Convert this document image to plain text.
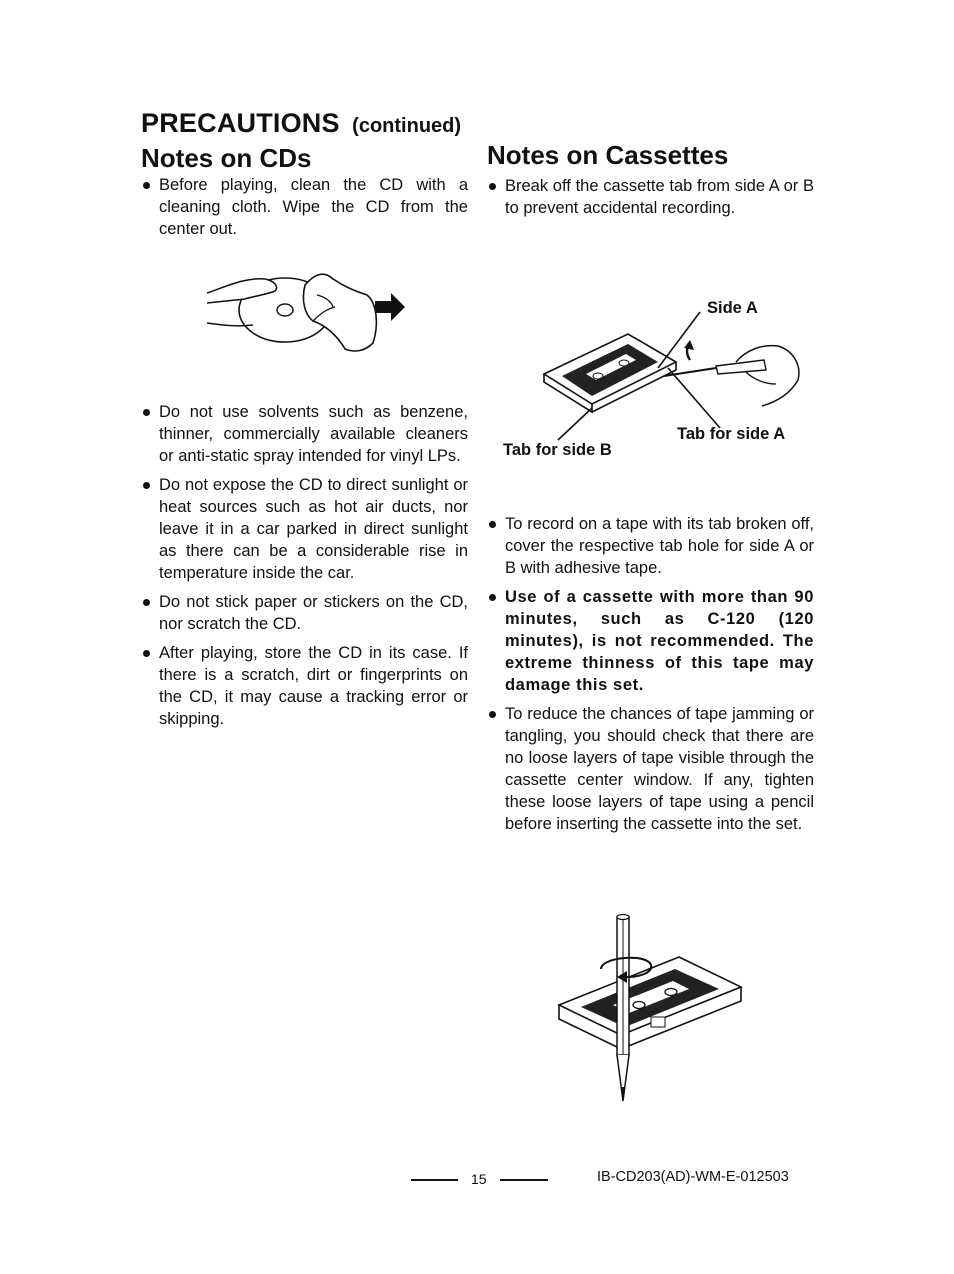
PRECAUTIONS (continued)
Notes on CDs
Before playing, clean the CD with a cleaning cloth. Wipe the CD from the center out.
Do not use solvents such as benzene, thinner, commercially available cleaners or anti-static spray intended for vinyl LPs.
Do not expose the CD to direct sunlight or heat sources such as hot air ducts, nor leave it in a car parked in direct sunlight as there can be a considerable rise in temperature inside the car.
Do not stick paper or stickers on the CD, nor scratch the CD.
After playing, store the CD in its case. If there is a scratch, dirt or fingerprints on the CD, it may cause a tracking error or skipping.
Notes on Cassettes
Break off the cassette tab from side A or B to prevent accidental recording.
Side A
Tab for side A
Tab for side B
To record on a tape with its tab broken off, cover the respective tab hole for side A or B with adhesive tape.
Use of a cassette with more than 90 minutes, such as C-120 (120 minutes), is not recommended. The extreme thinness of this tape may damage this set.
To reduce the chances of tape jamming or tangling, you should check that there are no loose layers of tape visible through the cassette center window. If any, tighten these loose layers of tape using a pencil before inserting the cassette into the set.
15	IB-CD203(AD)-WM-E-012503
